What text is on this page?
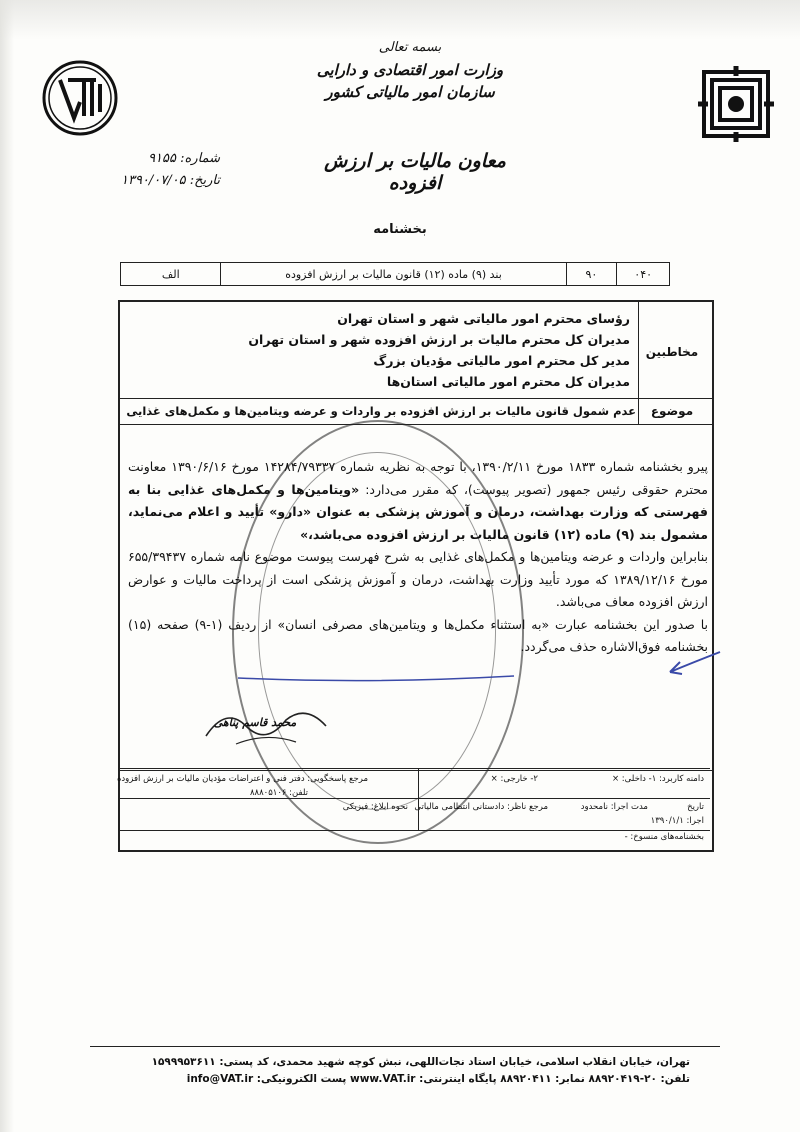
بسمه تعالی
وزارت امور اقتصادی و دارایی
سازمان امور مالیاتی کشور
معاون مالیات بر ارزش افزوده
شماره: ۹۱۵۵
تاریخ: ۱۳۹۰/۰۷/۰۵
بخشنامه
۰۴۰
۹۰
بند (۹) ماده (۱۲) قانون مالیات بر ارزش افزوده
الف
رؤسای محترم امور مالیاتی شهر و استان تهران
مدیران کل محترم مالیات بر ارزش افزوده شهر و استان تهران
مدیر کل محترم امور مالیاتی مؤدیان بزرگ
مدیران کل محترم امور مالیاتی استان‌ها
مخاطبین
موضوع
عدم شمول قانون مالیات بر ارزش افزوده بر واردات و عرضه ویتامین‌ها و مکمل‌های غذایی

پیرو بخشنامه شماره ۱۸۳۳ مورخ ۱۳۹۰/۲/۱۱، با توجه به نظریه شماره ۱۴۲۸۴/۷۹۳۳۷ مورخ ۱۳۹۰/۶/۱۶ معاونت محترم حقوقی رئیس جمهور (تصویر پیوست)، که مقرر می‌دارد: «ویتامین‌ها و مکمل‌های غذایی بنا به فهرستی که وزارت بهداشت، درمان و آموزش پزشکی به عنوان «دارو» تأیید و اعلام می‌نماید، مشمول بند (۹) ماده (۱۲) قانون مالیات بر ارزش افزوده می‌باشد،»

بنابراین واردات و عرضه ویتامین‌ها و مکمل‌های غذایی به شرح فهرست پیوست موضوع نامه شماره ۶۵۵/۳۹۴۳۷ مورخ ۱۳۸۹/۱۲/۱۶ که مورد تأیید وزارت بهداشت، درمان و آموزش پزشکی است از پرداخت مالیات و عوارض ارزش افزوده معاف می‌باشد.

با صدور این بخشنامه عبارت «به استثناء مکمل‌ها و ویتامین‌های مصرفی انسان» از ردیف (۱-۹) صفحه (۱۵) بخشنامه فوق‌الاشاره حذف می‌گردد.

محمد قاسم پناهی
دامنه کاربرد: ۱- داخلی: ×
۲- خارجی: ×
مرجع پاسخگویی: دفتر فنی و اعتراضات مؤدیان مالیات بر ارزش افزوده
تلفن: ۸۸۸۰۵۱۰۶
تاریخ
اجرا: ۱۳۹۰/۱/۱
مدت اجرا: نامحدود
مرجع ناظر: دادستانی انتظامی مالیاتی
نحوه ابلاغ: فیزیکی
بخشنامه‌های منسوخ: -
تهران، خیابان انقلاب اسلامی، خیابان استاد نجات‌اللهی، نبش کوچه شهید محمدی، کد پستی: ۱۵۹۹۹۵۳۶۱۱
تلفن: ۲۰-۸۸۹۲۰۴۱۹ نمابر: ۸۸۹۲۰۴۱۱ پایگاه اینترنتی: www.VAT.ir پست الکترونیکی: info@VAT.ir
